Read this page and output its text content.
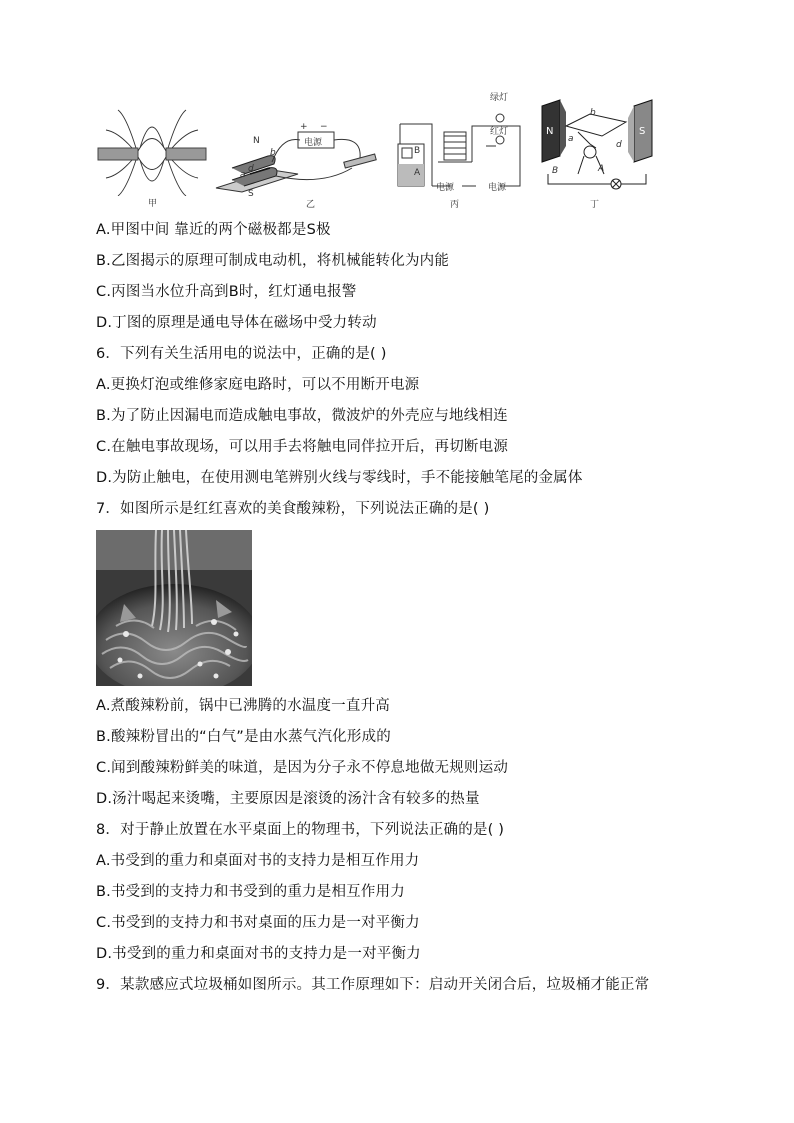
甲
N
S
b
a
d
电源
+ −
乙
绿灯
红灯
B
A
电源	电源
丙
N	S
b
a
d
B	A
丁
A.甲图中间 靠近的两个磁极都是S极
B.乙图揭示的原理可制成电动机，将机械能转化为内能
C.丙图当水位升高到B时，红灯通电报警
D.丁图的原理是通电导体在磁场中受力转动
6．下列有关生活用电的说法中，正确的是( )
A.更换灯泡或维修家庭电路时，可以不用断开电源
B.为了防止因漏电而造成触电事故，微波炉的外壳应与地线相连
C.在触电事故现场，可以用手去将触电同伴拉开后，再切断电源
D.为防止触电，在使用测电笔辨别火线与零线时，手不能接触笔尾的金属体
7．如图所示是红红喜欢的美食酸辣粉，下列说法正确的是( )
A.煮酸辣粉前，锅中已沸腾的水温度一直升高
B.酸辣粉冒出的“白气”是由水蒸气汽化形成的
C.闻到酸辣粉鲜美的味道，是因为分子永不停息地做无规则运动
D.汤汁喝起来烫嘴，主要原因是滚烫的汤汁含有较多的热量
8．对于静止放置在水平桌面上的物理书，下列说法正确的是( )
A.书受到的重力和桌面对书的支持力是相互作用力
B.书受到的支持力和书受到的重力是相互作用力
C.书受到的支持力和书对桌面的压力是一对平衡力
D.书受到的重力和桌面对书的支持力是一对平衡力
9．某款感应式垃圾桶如图所示。其工作原理如下：启动开关闭合后，垃圾桶才能正常
